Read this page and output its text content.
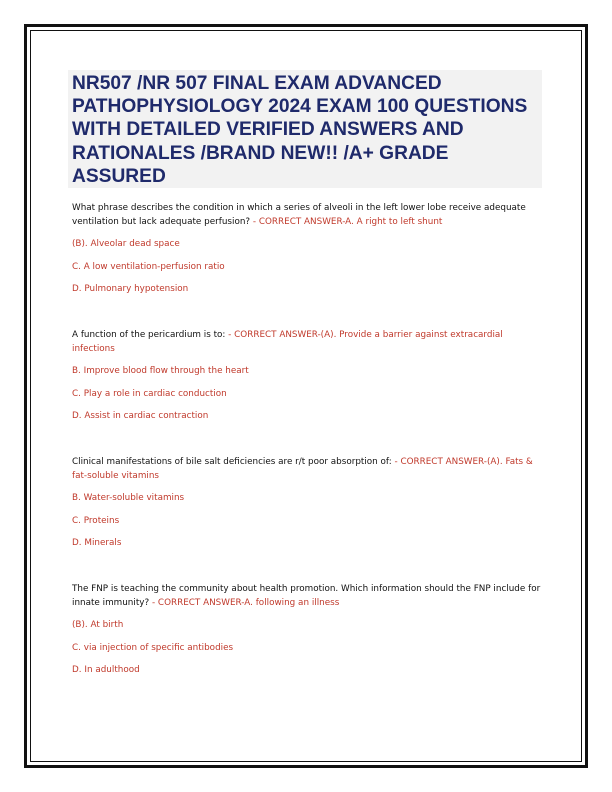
NR507 /NR 507 FINAL EXAM ADVANCED PATHOPHYSIOLOGY 2024 EXAM 100 QUESTIONS WITH DETAILED VERIFIED ANSWERS AND RATIONALES /BRAND NEW!! /A+ GRADE ASSURED

What phrase describes the condition in which a series of alveoli in the left lower lobe receive adequate ventilation but lack adequate perfusion? - CORRECT ANSWER-A. A right to left shunt

(B). Alveolar dead space

C. A low ventilation-perfusion ratio

D. Pulmonary hypotension

A function of the pericardium is to: - CORRECT ANSWER-(A). Provide a barrier against extracardial infections

B. Improve blood flow through the heart

C. Play a role in cardiac conduction

D. Assist in cardiac contraction

Clinical manifestations of bile salt deficiencies are r/t poor absorption of: - CORRECT ANSWER-(A). Fats & fat-soluble vitamins

B. Water-soluble vitamins

C. Proteins

D. Minerals

The FNP is teaching the community about health promotion. Which information should the FNP include for innate immunity? - CORRECT ANSWER-A. following an illness

(B). At birth

C. via injection of specific antibodies

D. In adulthood
